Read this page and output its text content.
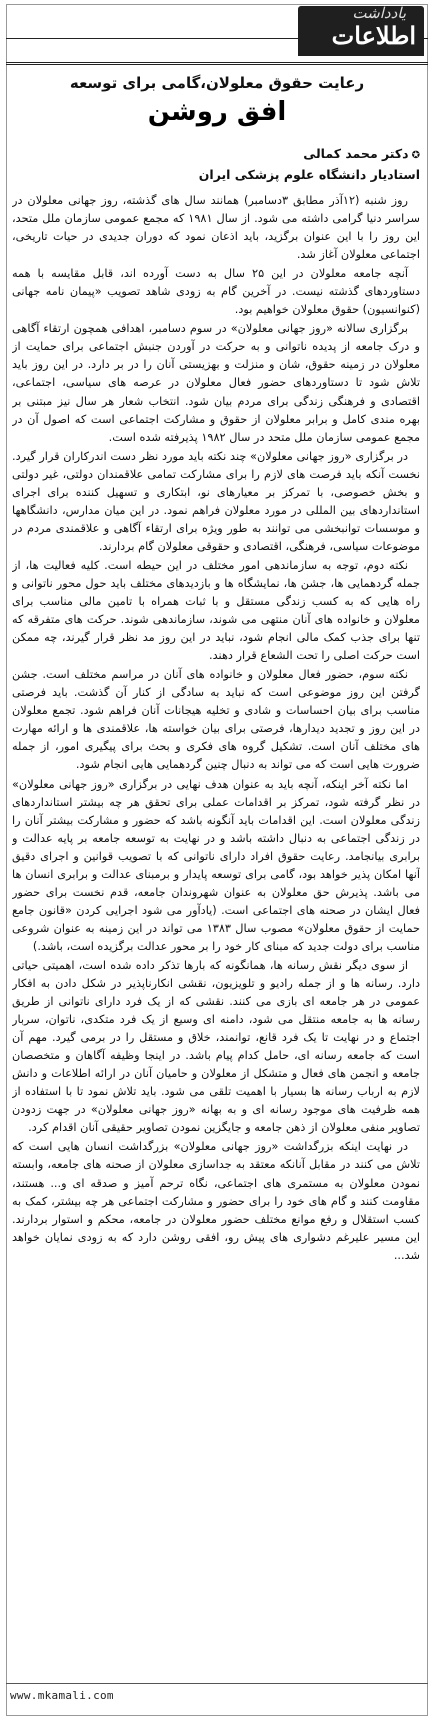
یادداشت
اطلاعات
رعایت حقوق معلولان،گامی برای توسعه
افق روشن
✪دکتر محمد کمالی
استادیار دانشگاه علوم پزشکی ایران

روز شنبه (۱۲آذر مطابق ۳دسامبر) همانند سال های گذشته، روز جهانی معلولان در سراسر دنیا گرامی داشته می شود. از سال ۱۹۸۱ که مجمع عمومی سازمان ملل متحد، این روز را با این عنوان برگزید، باید اذعان نمود که دوران جدیدی در حیات تاریخی، اجتماعی معلولان آغاز شد.

آنچه جامعه معلولان در این ۲۵ سال به دست آورده اند، قابل مقایسه با همه دستاوردهای گذشته نیست. در آخرین گام به زودی شاهد تصویب «پیمان نامه جهانی (کنوانسیون) حقوق معلولان خواهیم بود.

برگزاری سالانه «روز جهانی معلولان» در سوم دسامبر، اهدافی همچون ارتقاء آگاهی و درک جامعه از پدیده ناتوانی و به حرکت در آوردن جنبش اجتماعی برای حمایت از معلولان در زمینه حقوق، شان و منزلت و بهزیستی آنان را در بر دارد. در این روز باید تلاش شود تا دستاوردهای حضور فعال معلولان در عرصه های سیاسی، اجتماعی، اقتصادی و فرهنگی زندگی برای مردم بیان شود. انتخاب شعار هر سال نیز مبتنی بر بهره مندی کامل و برابر معلولان از حقوق و مشارکت اجتماعی است که اصول آن در مجمع عمومی سازمان ملل متحد در سال ۱۹۸۲ پذیرفته شده است.

در برگزاری «روز جهانی معلولان» چند نکته باید مورد نظر دست اندرکاران قرار گیرد. نخست آنکه باید فرصت های لازم را برای مشارکت تمامی علاقمندان دولتی، غیر دولتی و بخش خصوصی، با تمرکز بر معیارهای نو، ابتکاری و تسهیل کننده برای اجرای استانداردهای بین المللی در مورد معلولان فراهم نمود. در این میان مدارس، دانشگاهها و موسسات توانبخشی می توانند به طور ویژه برای ارتقاء آگاهی و علاقمندی مردم در موضوعات سیاسی، فرهنگی، اقتصادی و حقوقی معلولان گام بردارند.

نکته دوم، توجه به سازماندهی امور مختلف در این حیطه است. کلیه فعالیت ها، از جمله گردهمایی ها، جشن ها، نمایشگاه ها و بازدیدهای مختلف باید حول محور ناتوانی و راه هایی که به کسب زندگی مستقل و با ثبات همراه با تامین مالی مناسب برای معلولان و خانواده های آنان منتهی می شوند، سازماندهی شوند. حرکت های متفرقه که تنها برای جذب کمک مالی انجام شود، نباید در این روز مد نظر قرار گیرند، چه ممکن است حرکت اصلی را تحت الشعاع قرار دهند.

نکته سوم، حضور فعال معلولان و خانواده های آنان در مراسم مختلف است. جشن گرفتن این روز موضوعی است که نباید به سادگی از کنار آن گذشت. باید فرصتی مناسب برای بیان احساسات و شادی و تخلیه هیجانات آنان فراهم شود. تجمع معلولان در این روز و تجدید دیدارها، فرصتی برای بیان خواسته ها، علاقمندی ها و ارائه مهارت های مختلف آنان است. تشکیل گروه های فکری و بحث برای پیگیری امور، از جمله ضرورت هایی است که می تواند به دنبال چنین گردهمایی هایی انجام شود.

اما نکته آخر اینکه، آنچه باید به عنوان هدف نهایی در برگزاری «روز جهانی معلولان» در نظر گرفته شود، تمرکز بر اقدامات عملی برای تحقق هر چه بیشتر استانداردهای زندگی معلولان است. این اقدامات باید آنگونه باشد که حضور و مشارکت بیشتر آنان را در زندگی اجتماعی به دنبال داشته باشد و در نهایت به توسعه جامعه بر پایه عدالت و برابری بیانجامد. رعایت حقوق افراد دارای ناتوانی که با تصویب قوانین و اجرای دقیق آنها امکان پذیر خواهد بود، گامی برای توسعه پایدار و برمبنای عدالت و برابری انسان ها می باشد. پذیرش حق معلولان به عنوان شهروندان جامعه، قدم نخست برای حضور فعال ایشان در صحنه های اجتماعی است. (یادآور می شود اجرایی کردن «قانون جامع حمایت از حقوق معلولان» مصوب سال ۱۳۸۳ می تواند در این زمینه به عنوان شروعی مناسب برای دولت جدید که مبنای کار خود را بر محور عدالت برگزیده است، باشد.)

از سوی دیگر نقش رسانه ها، همانگونه که بارها تذکر داده شده است، اهمیتی حیاتی دارد. رسانه ها و از جمله رادیو و تلویزیون، نقشی انکارناپذیر در شکل دادن به افکار عمومی در هر جامعه ای بازی می کنند. نقشی که از یک فرد دارای ناتوانی از طریق رسانه ها به جامعه منتقل می شود، دامنه ای وسیع از یک فرد متکدی، ناتوان، سربار اجتماع و در نهایت تا یک فرد قانع، توانمند، خلاق و مستقل را در برمی گیرد. مهم آن است که جامعه رسانه ای، حامل کدام پیام باشد. در اینجا وظیفه آگاهان و متخصصان جامعه و انجمن های فعال و متشکل از معلولان و حامیان آنان در ارائه اطلاعات و دانش لازم به ارباب رسانه ها بسیار با اهمیت تلقی می شود. باید تلاش نمود تا با استفاده از همه ظرفیت های موجود رسانه ای و به بهانه «روز جهانی معلولان» در جهت زدودن تصاویر منفی معلولان از ذهن جامعه و جایگزین نمودن تصاویر حقیقی آنان اقدام کرد.

در نهایت اینکه بزرگداشت «روز جهانی معلولان» بزرگداشت انسان هایی است که تلاش می کنند در مقابل آنانکه معتقد به جداسازی معلولان از صحنه های جامعه، وابسته نمودن معلولان به مستمری های اجتماعی، نگاه ترحم آمیز و صدقه ای و... هستند، مقاومت کنند و گام های خود را برای حضور و مشارکت اجتماعی هر چه بیشتر، کمک به کسب استقلال و رفع موانع مختلف حضور معلولان در جامعه، محکم و استوار بردارند. این مسیر علیرغم دشواری های پیش رو، افقی روشن دارد که به زودی نمایان خواهد شد...

www.mkamali.com
